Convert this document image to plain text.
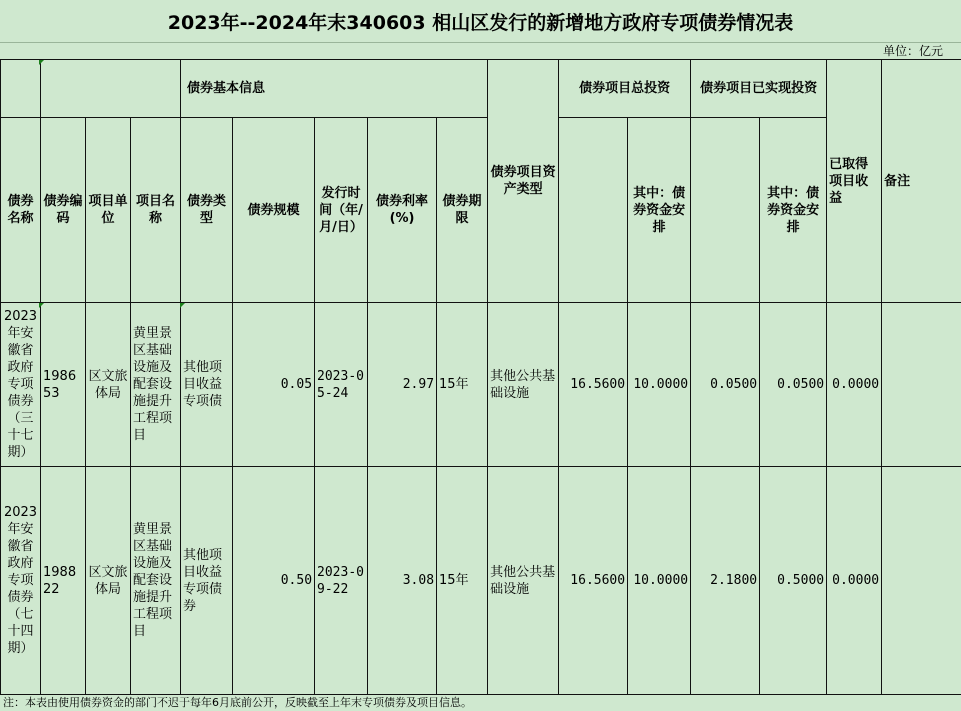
2023年--2024年末340603 相山区发行的新增地方政府专项债券情况表
单位：亿元
				债券基本信息					债券项目资产类型	债券项目总投资		债券项目已实现投资		已取得项目收益	备注
债券名称	债券编码	项目单位	项目名称	债券类型	债券规模	发行时间（年/月/日）	债券利率(%)	债券期限			其中：债券资金安排		其中：债券资金安排		
2023年安徽省政府专项债券（三十七期）	198653	区文旅体局	黄里景区基础设施及配套设施提升工程项目	其他项目收益专项债	0.05	2023-05-24	2.97	15年	其他公共基础设施	16.5600	10.0000	0.0500	0.0500	0.0000	
2023年安徽省政府专项债券（七十四期）	198822	区文旅体局	黄里景区基础设施及配套设施提升工程项目	其他项目收益专项债券	0.50	2023-09-22	3.08	15年	其他公共基础设施	16.5600	10.0000	2.1800	0.5000	0.0000	
注：本表由使用债券资金的部门不迟于每年6月底前公开，反映截至上年末专项债券及项目信息。
